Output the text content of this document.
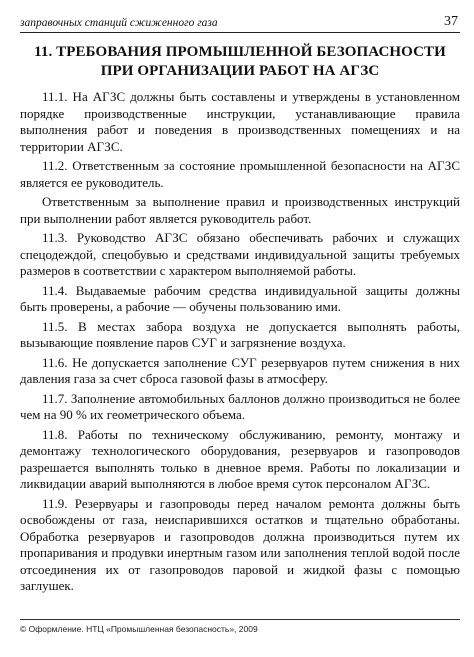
заправочных станций сжиженного газа	37
11. ТРЕБОВАНИЯ ПРОМЫШЛЕННОЙ БЕЗОПАСНОСТИ
ПРИ ОРГАНИЗАЦИИ РАБОТ НА АГЗС

11.1. На АГЗС должны быть составлены и утверждены в установленном порядке производственные инструкции, устанавливающие правила выполнения работ и поведения в производственных помещениях и на территории АГЗС.

11.2. Ответственным за состояние промышленной безопасности на АГЗС является ее руководитель.

Ответственным за выполнение правил и производственных инструкций при выполнении работ является руководитель работ.

11.3. Руководство АГЗС обязано обеспечивать рабочих и служащих спецодеждой, спецобувью и средствами индивидуальной защиты требуемых размеров в соответствии с характером выполняемой работы.

11.4. Выдаваемые рабочим средства индивидуальной защиты должны быть проверены, а рабочие — обучены пользованию ими.

11.5. В местах забора воздуха не допускается выполнять работы, вызывающие появление паров СУГ и загрязнение воздуха.

11.6. Не допускается заполнение СУГ резервуаров путем снижения в них давления газа за счет сброса газовой фазы в атмосферу.

11.7. Заполнение автомобильных баллонов должно производиться не более чем на 90 % их геометрического объема.

11.8. Работы по техническому обслуживанию, ремонту, монтажу и демонтажу технологического оборудования, резервуаров и газопроводов разрешается выполнять только в дневное время. Работы по локализации и ликвидации аварий выполняются в любое время суток персоналом АГЗС.

11.9. Резервуары и газопроводы перед началом ремонта должны быть освобождены от газа, неиспарившихся остатков и тщательно обработаны. Обработка резервуаров и газопроводов должна производиться путем их пропаривания и продувки инертным газом или заполнения теплой водой после отсоединения их от газопроводов паровой и жидкой фазы с помощью заглушек.

© Оформление. НТЦ «Промышленная безопасность», 2009
